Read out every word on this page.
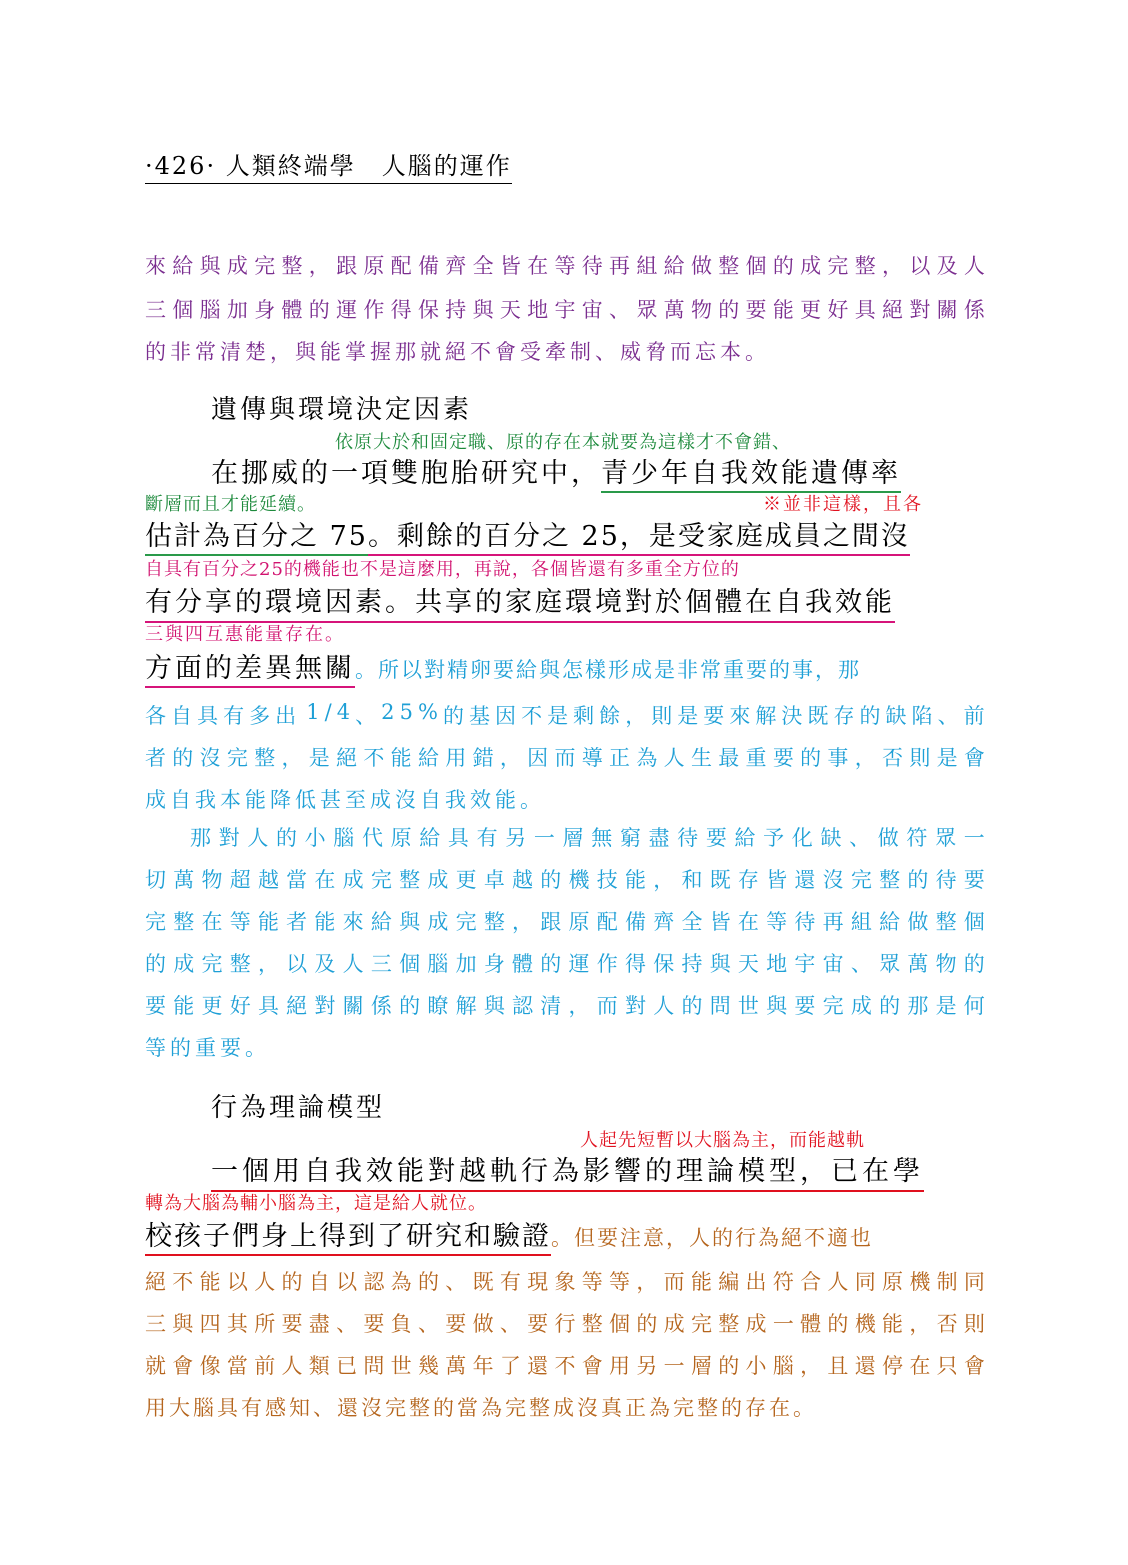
·426· 人類終端學　人腦的運作
來 給 與 成 完 整 ， 跟 原 配 備 齊 全 皆 在 等 待 再 組 給 做 整 個 的 成 完 整 ， 以 及 人
三 個 腦 加 身 體 的 運 作 得 保 持 與 天 地 宇 宙 、 眾 萬 物 的 要 能 更 好 具 絕 對 關 係
的非常清楚，與能掌握那就絕不會受牽制、威脅而忘本。
遺傳與環境決定因素
依原大於和固定職、原的存在本就要為這樣才不會錯、
在挪威的一項雙胞胎研究中，青少年自我效能遺傳率
斷層而且才能延續。	※並非這樣，且各
估計為百分之 75。剩餘的百分之 25，是受家庭成員之間沒
自具有百分之25的機能也不是這麼用，再說，各個皆還有多重全方位的
有分享的環境因素。共享的家庭環境對於個體在自我效能
三與四互惠能量存在。
方面的差異無關。所以對精卵要給與怎樣形成是非常重要的事，那
各 自 具 有 多 出 1 / 4 、 2 5 % 的 基 因 不 是 剩 餘 ， 則 是 要 來 解 決 既 存 的 缺 陷 、 前
者 的 沒 完 整 ， 是 絕 不 能 給 用 錯 ， 因 而 導 正 為 人 生 最 重 要 的 事 ， 否 則 是 會
成自我本能降低甚至成沒自我效能。
那 對 人 的 小 腦 代 原 給 具 有 另 一 層 無 窮 盡 待 要 給 予 化 缺 、 做 符 眾 一
切 萬 物 超 越 當 在 成 完 整 成 更 卓 越 的 機 技 能 ， 和 既 存 皆 還 沒 完 整 的 待 要
完 整 在 等 能 者 能 來 給 與 成 完 整 ， 跟 原 配 備 齊 全 皆 在 等 待 再 組 給 做 整 個
的 成 完 整 ， 以 及 人 三 個 腦 加 身 體 的 運 作 得 保 持 與 天 地 宇 宙 、 眾 萬 物 的
要 能 更 好 具 絕 對 關 係 的 瞭 解 與 認 清 ， 而 對 人 的 問 世 與 要 完 成 的 那 是 何
等的重要。
行為理論模型
人起先短暫以大腦為主，而能越軌
一個用自我效能對越軌行為影響的理論模型，已在學
轉為大腦為輔小腦為主，這是給人就位。
校孩子們身上得到了研究和驗證。但要注意，人的行為絕不適也
絕 不 能 以 人 的 自 以 認 為 的 、 既 有 現 象 等 等 ， 而 能 編 出 符 合 人 同 原 機 制 同
三 與 四 其 所 要 盡 、 要 負 、 要 做 、 要 行 整 個 的 成 完 整 成 一 體 的 機 能 ， 否 則
就 會 像 當 前 人 類 已 問 世 幾 萬 年 了 還 不 會 用 另 一 層 的 小 腦 ， 且 還 停 在 只 會
用大腦具有感知、還沒完整的當為完整成沒真正為完整的存在。
